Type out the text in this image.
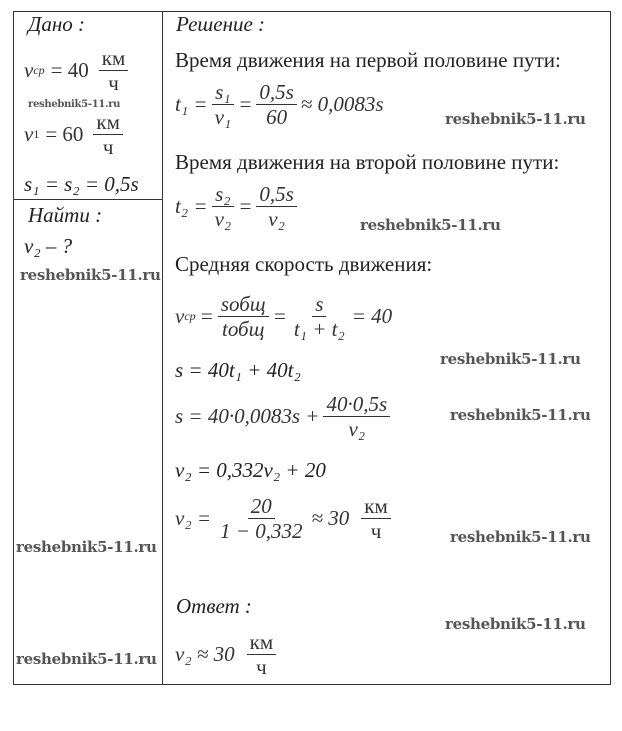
Дано :
v ср = 40
км
ч
reshebnik5-11.ru
v 1 = 60
км
ч
s₁ = s₂ = 0,5s
Найти :
v₂ – ?
reshebnik5-11.ru
Решение :
Время движения на первой половине пути:
$t_1 = \frac{\text{s₁}}{\text{v₁}} = \frac{0,5s}{60} \approx 0,0083s$
reshebnik5-11.ru
Время движения на второй половине пути:
$t_2 = \frac{\text{s₂}}{\text{v₂}} = \frac{0,5s}{\text{v₂}}$	reshebnik5-11.ru
Средняя скорость движения:
v ср =
sобщ
tобщ
= $\frac{s}{\text{t₁ + t₂}} = 40$
s = 40t₁ + 40t₂	reshebnik5-11.ru
reshebnik5-11.ru
$s = 40\cdot 0,0083s + \frac{40\cdot 0,5s}{\text{v₂}}$
v₂ = 0,332v₂ + 20
$v_2 = \frac{20}{1 - 0,332} \approx 30$
км
ч
reshebnik5-11.ru
reshebnik5-11.ru
Ответ :
reshebnik5-11.ru
reshebnik5-11.ru v₂ ≈ 30
км
ч
